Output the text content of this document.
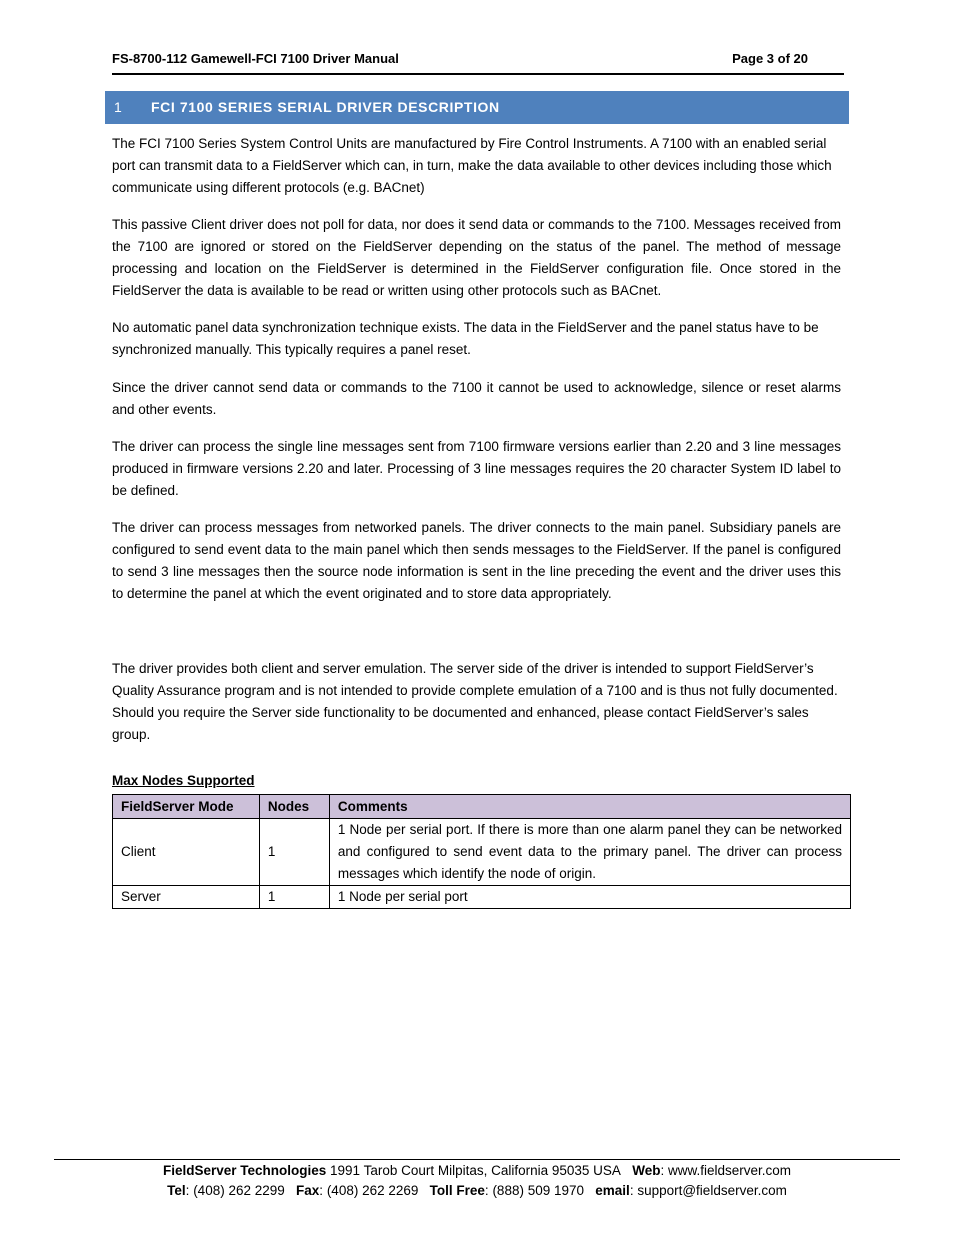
FS-8700-112 Gamewell-FCI 7100 Driver Manual	Page 3 of 20
1 FCI 7100 SERIES SERIAL DRIVER DESCRIPTION

The FCI 7100 Series System Control Units are manufactured by Fire Control Instruments. A 7100 with an enabled serial port can transmit data to a FieldServer which can, in turn, make the data available to other devices including those which communicate using different protocols (e.g. BACnet)

This passive Client driver does not poll for data, nor does it send data or commands to the 7100. Messages received from the 7100 are ignored or stored on the FieldServer depending on the status of the panel. The method of message processing and location on the FieldServer is determined in the FieldServer configuration file. Once stored in the FieldServer the data is available to be read or written using other protocols such as BACnet.

No automatic panel data synchronization technique exists. The data in the FieldServer and the panel status have to be synchronized manually. This typically requires a panel reset.

Since the driver cannot send data or commands to the 7100 it cannot be used to acknowledge, silence or reset alarms and other events.

The driver can process the single line messages sent from 7100 firmware versions earlier than 2.20 and 3 line messages produced in firmware versions 2.20 and later. Processing of 3 line messages requires the 20 character System ID label to be defined.

The driver can process messages from networked panels. The driver connects to the main panel. Subsidiary panels are configured to send event data to the main panel which then sends messages to the FieldServer. If the panel is configured to send 3 line messages then the source node information is sent in the line preceding the event and the driver uses this to determine the panel at which the event originated and to store data appropriately.

The driver provides both client and server emulation. The server side of the driver is intended to support FieldServer’s Quality Assurance program and is not intended to provide complete emulation of a 7100 and is thus not fully documented. Should you require the Server side functionality to be documented and enhanced, please contact FieldServer’s sales group.

Max Nodes Supported
FieldServer Mode	Nodes	Comments
Client	1	1 Node per serial port. If there is more than one alarm panel they can be networked and configured to send event data to the primary panel. The driver can process messages which identify the node of origin.
Server	1	1 Node per serial port
FieldServer Technologies 1991 Tarob Court Milpitas, California 95035 USA Web: www.fieldserver.com
Tel: (408) 262 2299 Fax: (408) 262 2269 Toll Free: (888) 509 1970 email: support@fieldserver.com
